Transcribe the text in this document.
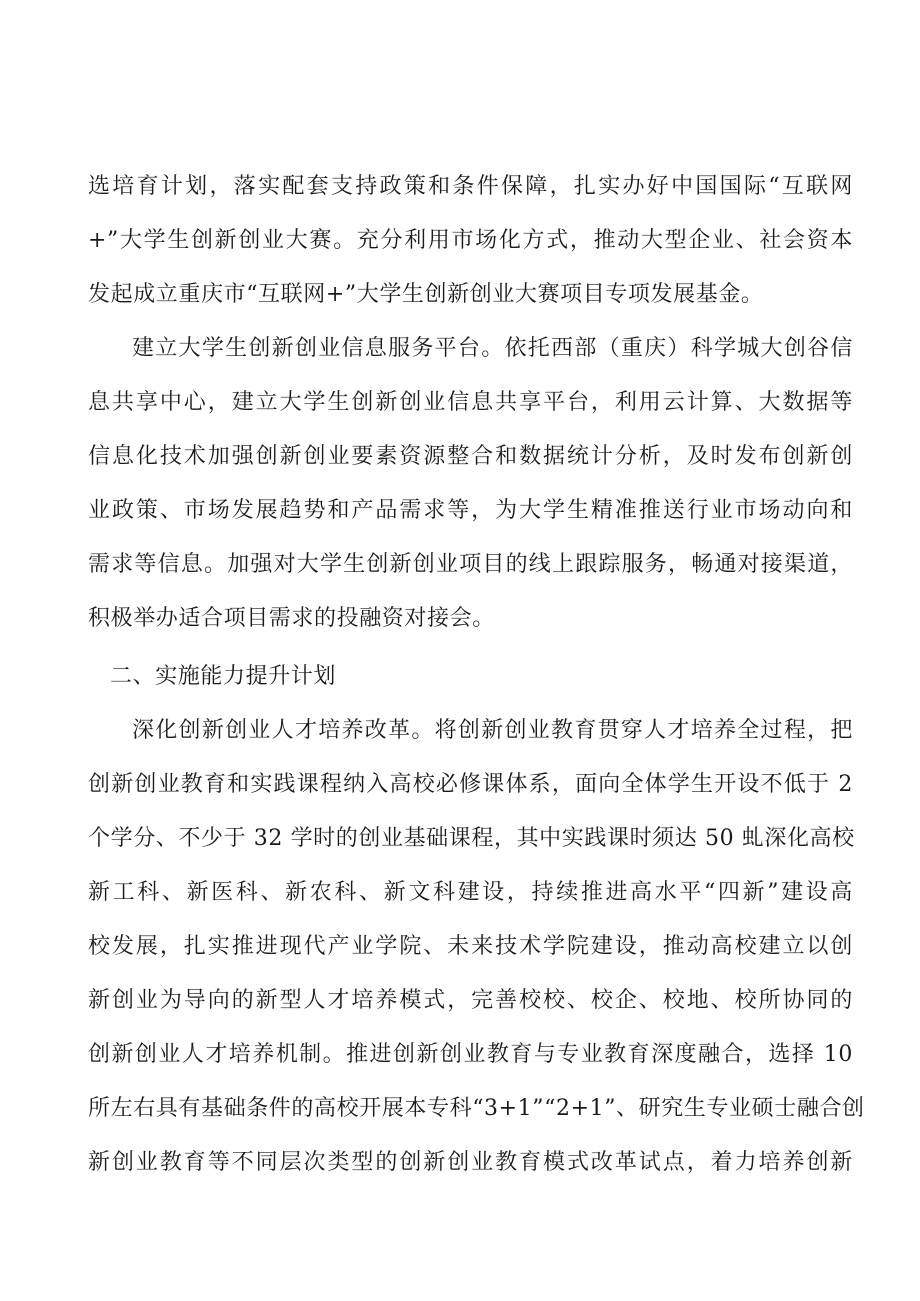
选培育计划，落实配套支持政策和条件保障，扎实办好中国国际“互联网
+”大学生创新创业大赛。充分利用市场化方式，推动大型企业、社会资本
发起成立重庆市“互联网+”大学生创新创业大赛项目专项发展基金。
建立大学生创新创业信息服务平台。依托西部（重庆）科学城大创谷信
息共享中心，建立大学生创新创业信息共享平台，利用云计算、大数据等
信息化技术加强创新创业要素资源整合和数据统计分析，及时发布创新创
业政策、市场发展趋势和产品需求等，为大学生精准推送行业市场动向和
需求等信息。加强对大学生创新创业项目的线上跟踪服务，畅通对接渠道，
积极举办适合项目需求的投融资对接会。
二、实施能力提升计划
深化创新创业人才培养改革。将创新创业教育贯穿人才培养全过程，把
创新创业教育和实践课程纳入高校必修课体系，面向全体学生开设不低于 2
个学分、不少于 32 学时的创业基础课程，其中实践课时须达 50 虬深化高校
新工科、新医科、新农科、新文科建设，持续推进高水平“四新”建设高
校发展，扎实推进现代产业学院、未来技术学院建设，推动高校建立以创
新创业为导向的新型人才培养模式，完善校校、校企、校地、校所协同的
创新创业人才培养机制。推进创新创业教育与专业教育深度融合，选择 10
所左右具有基础条件的高校开展本专科“3+1”“2+1”、研究生专业硕士融合创
新创业教育等不同层次类型的创新创业教育模式改革试点，着力培养创新
